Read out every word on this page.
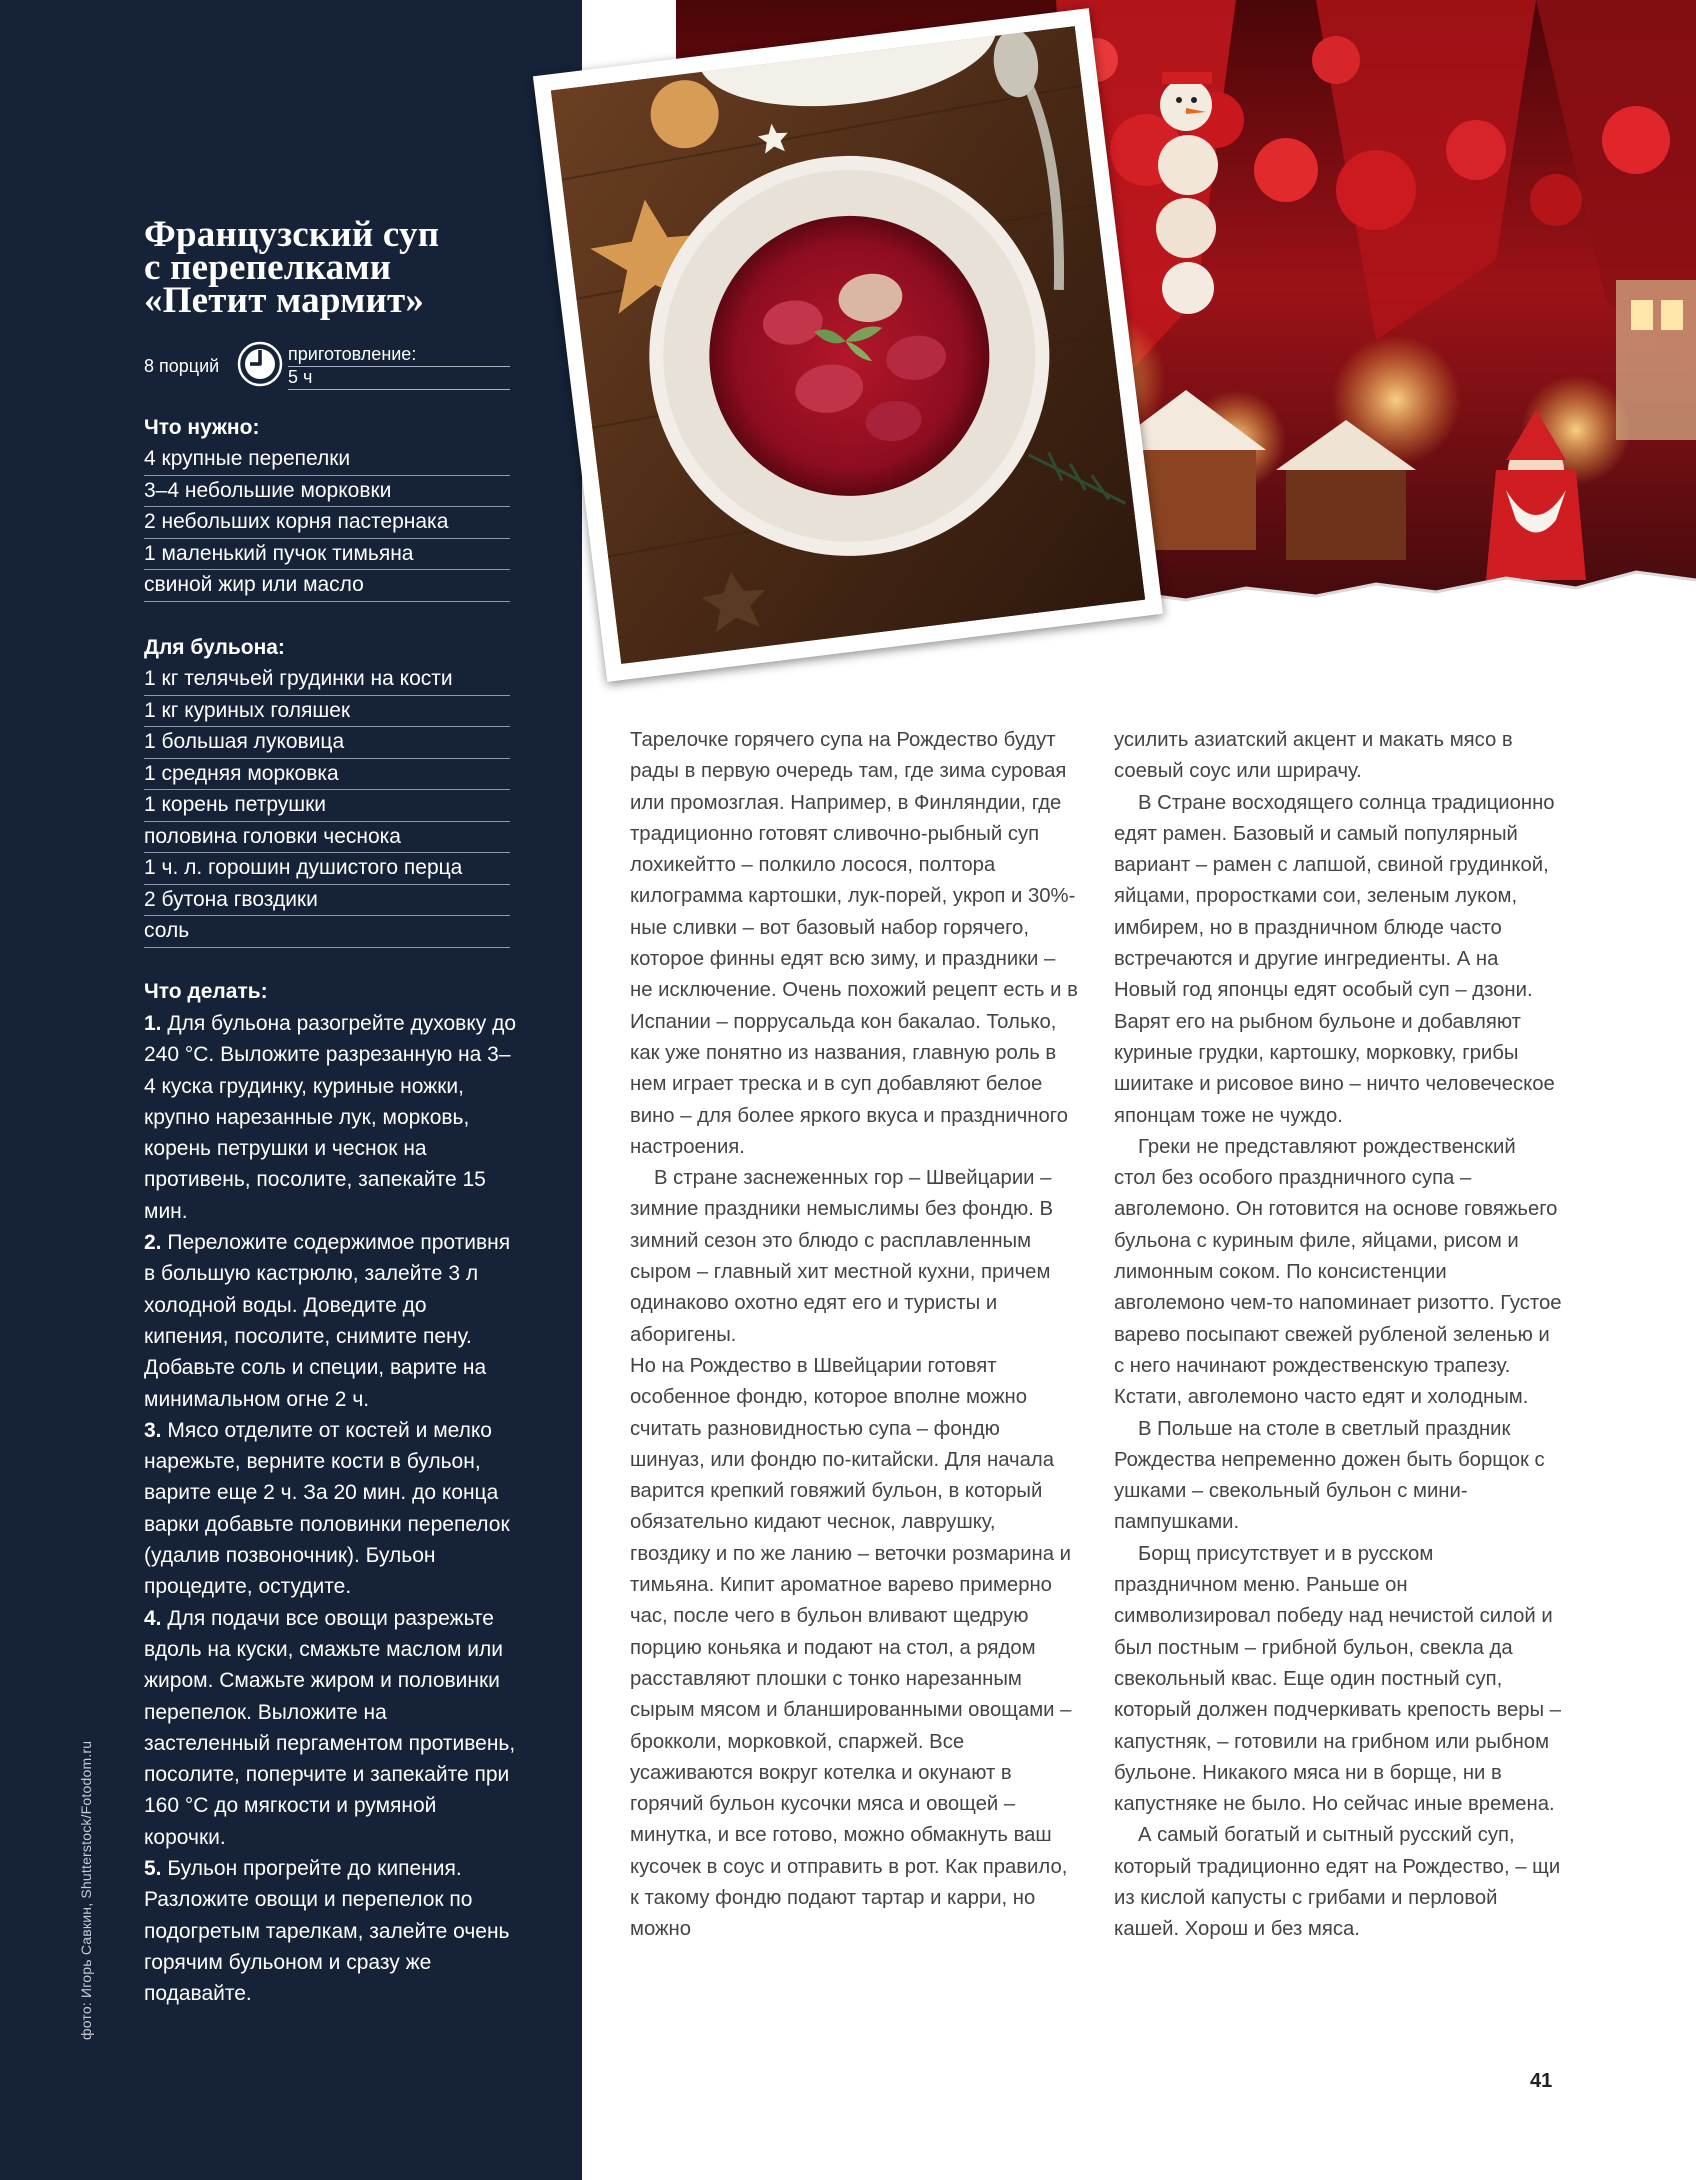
Французский суп
с перепелками
«Петит мармит»
8 порций
приготовление:
5 ч
Что нужно:
4 крупные перепелки
3–4 небольшие морковки
2 небольших корня пастернака
1 маленький пучок тимьяна
свиной жир или масло
Для бульона:
1 кг телячьей грудинки на кости
1 кг куриных голяшек
1 большая луковица
1 средняя морковка
1 корень петрушки
половина головки чеснока
1 ч. л. горошин душистого перца
2 бутона гвоздики
соль
Что делать:
1. Для бульона разогрейте духовку до 240 °С. Выложите разрезанную на 3–4 куска грудинку, куриные ножки, крупно нарезанные лук, морковь, корень петрушки и чеснок на противень, посолите, запекайте 15 мин.
2. Переложите содержимое противня в большую кастрюлю, залейте 3 л холодной воды. Доведите до кипения, посолите, снимите пену. Добавьте соль и специи, варите на минимальном огне 2 ч.
3. Мясо отделите от костей и мелко нарежьте, верните кости в бульон, варите еще 2 ч. За 20 мин. до конца варки добавьте половинки перепелок (удалив позвоночник). Бульон процедите, остудите.
4. Для подачи все овощи разрежьте вдоль на куски, смажьте маслом или жиром. Смажьте жиром и половинки перепелок. Выложите на застеленный пергаментом противень, посолите, поперчите и запекайте при 160 °С до мягкости и румяной корочки.
5. Бульон прогрейте до кипения. Разложите овощи и перепелок по подогретым тарелкам, залейте очень горячим бульоном и сразу же подавайте.
фото: Игорь Савкин, Shutterstock/Fotodom.ru

Тарелочке горячего супа на Рождество будут рады в первую очередь там, где зима суровая или промозглая. Например, в Финляндии, где традиционно готовят сливочно-рыбный суп лохикейтто – полкило лосося, полтора килограмма картошки, лук-порей, укроп и 30%-ные сливки – вот базовый набор горячего, которое финны едят всю зиму, и праздники – не исключение. Очень похожий рецепт есть и в Испании – поррусальда кон бакалао. Только, как уже понятно из названия, главную роль в нем играет треска и в суп добавляют белое вино – для более яркого вкуса и праздничного настроения.

В стране заснеженных гор – Швейцарии – зимние праздники немыслимы без фондю. В зимний сезон это блюдо с расплавленным сыром – главный хит местной кухни, причем одинаково охотно едят его и туристы и аборигены.

Но на Рождество в Швейцарии готовят особенное фондю, которое вполне можно считать разновидностью супа – фондю шинуаз, или фондю по-китайски. Для начала варится крепкий говяжий бульон, в который обязательно кидают чеснок, лаврушку, гвоздику и по же ланию – веточки розмарина и тимьяна. Кипит ароматное варево примерно час, после чего в бульон вливают щедрую порцию коньяка и подают на стол, а рядом расставляют плошки с тонко нарезанным сырым мясом и бланшированными овощами – брокколи, морковкой, спаржей. Все усаживаются вокруг котелка и окунают в горячий бульон кусочки мяса и овощей – минутка, и все готово, можно обмакнуть ваш кусочек в соус и отправить в рот. Как правило, к такому фондю подают тартар и карри, но можно

усилить азиатский акцент и макать мясо в соевый соус или шрирачу.

В Стране восходящего солнца традиционно едят рамен. Базовый и самый популярный вариант – рамен с лапшой, свиной грудинкой, яйцами, проростками сои, зеленым луком, имбирем, но в праздничном блюде часто встречаются и другие ингредиенты. А на Новый год японцы едят особый суп – дзони. Варят его на рыбном бульоне и добавляют куриные грудки, картошку, морковку, грибы шиитаке и рисовое вино – ничто человеческое японцам тоже не чуждо.

Греки не представляют рождественский стол без особого праздничного супа – авголемоно. Он готовится на основе говяжьего бульона с куриным филе, яйцами, рисом и лимонным соком. По консистенции авголемоно чем-то напоминает ризотто. Густое варево посыпают свежей рубленой зеленью и с него начинают рождественскую трапезу. Кстати, авголемоно часто едят и холодным.

В Польше на столе в светлый праздник Рождества непременно дожен быть борщок с ушками – свекольный бульон с мини-пампушками.

Борщ присутствует и в русском праздничном меню. Раньше он символизировал победу над нечистой силой и был постным – грибной бульон, свекла да свекольный квас. Еще один постный суп, который должен подчеркивать крепость веры – капустняк, – готовили на грибном или рыбном бульоне. Никакого мяса ни в борще, ни в капустняке не было. Но сейчас иные времена.

А самый богатый и сытный русский суп, который традиционно едят на Рождество, – щи из кислой капусты с грибами и перловой кашей. Хорош и без мяса.

41
